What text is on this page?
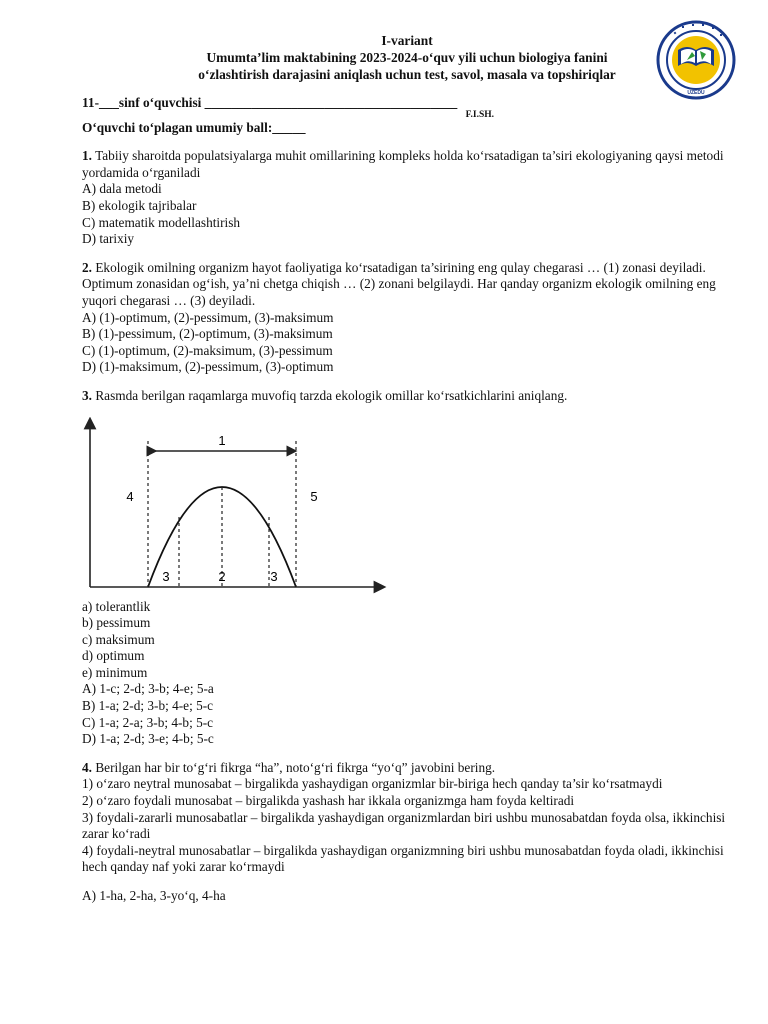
UZEDU
I-variant
Umumta’lim maktabining 2023-2024-o‘quv yili uchun biologiya fanini
o‘zlashtirish darajasini aniqlash uchun test, savol, masala va topshiriqlar
11-___sinf o‘quvchisi ______________________________________
F.I.SH.
O‘quvchi to‘plagan umumiy ball:_____
1. Tabiiy sharoitda populatsiyalarga muhit omillarining kompleks holda ko‘rsatadigan ta’siri ekologiyaning qaysi metodi yordamida o‘rganiladi
A) dala metodi
B) ekologik tajribalar
C) matematik modellashtirish
D) tarixiy
2. Ekologik omilning organizm hayot faoliyatiga ko‘rsatadigan ta’sirining eng qulay chegarasi … (1) zonasi deyiladi. Optimum zonasidan og‘ish, ya’ni chetga chiqish … (2) zonani belgilaydi. Har qanday organizm ekologik omilning eng yuqori chegarasi … (3) deyiladi.
A) (1)-optimum, (2)-pessimum, (3)-maksimum
B) (1)-pessimum, (2)-optimum, (3)-maksimum
C) (1)-optimum, (2)-maksimum, (3)-pessimum
D) (1)-maksimum, (2)-pessimum, (3)-optimum
3. Rasmda berilgan raqamlarga muvofiq tarzda ekologik omillar ko‘rsatkichlarini aniqlang.
1
4	5
3	2	3
a) tolerantlik
b) pessimum
c) maksimum
d) optimum
e) minimum
A) 1-c; 2-d; 3-b; 4-e; 5-a
B) 1-a; 2-d; 3-b; 4-e; 5-c
C) 1-a; 2-a; 3-b; 4-b; 5-c
D) 1-a; 2-d; 3-e; 4-b; 5-c
4. Berilgan har bir to‘g‘ri fikrga “ha”, noto‘g‘ri fikrga “yo‘q” javobini bering.
1) o‘zaro neytral munosabat – birgalikda yashaydigan organizmlar bir-biriga hech qanday ta’sir ko‘rsatmaydi
2) o‘zaro foydali munosabat – birgalikda yashash har ikkala organizmga ham foyda keltiradi
3) foydali-zararli munosabatlar – birgalikda yashaydigan organizmlardan biri ushbu munosabatdan foyda olsa, ikkinchisi zarar ko‘radi
4) foydali-neytral munosabatlar – birgalikda yashaydigan organizmning biri ushbu munosabatdan foyda oladi, ikkinchisi hech qanday naf yoki zarar ko‘rmaydi
A) 1-ha, 2-ha, 3-yo‘q, 4-ha
